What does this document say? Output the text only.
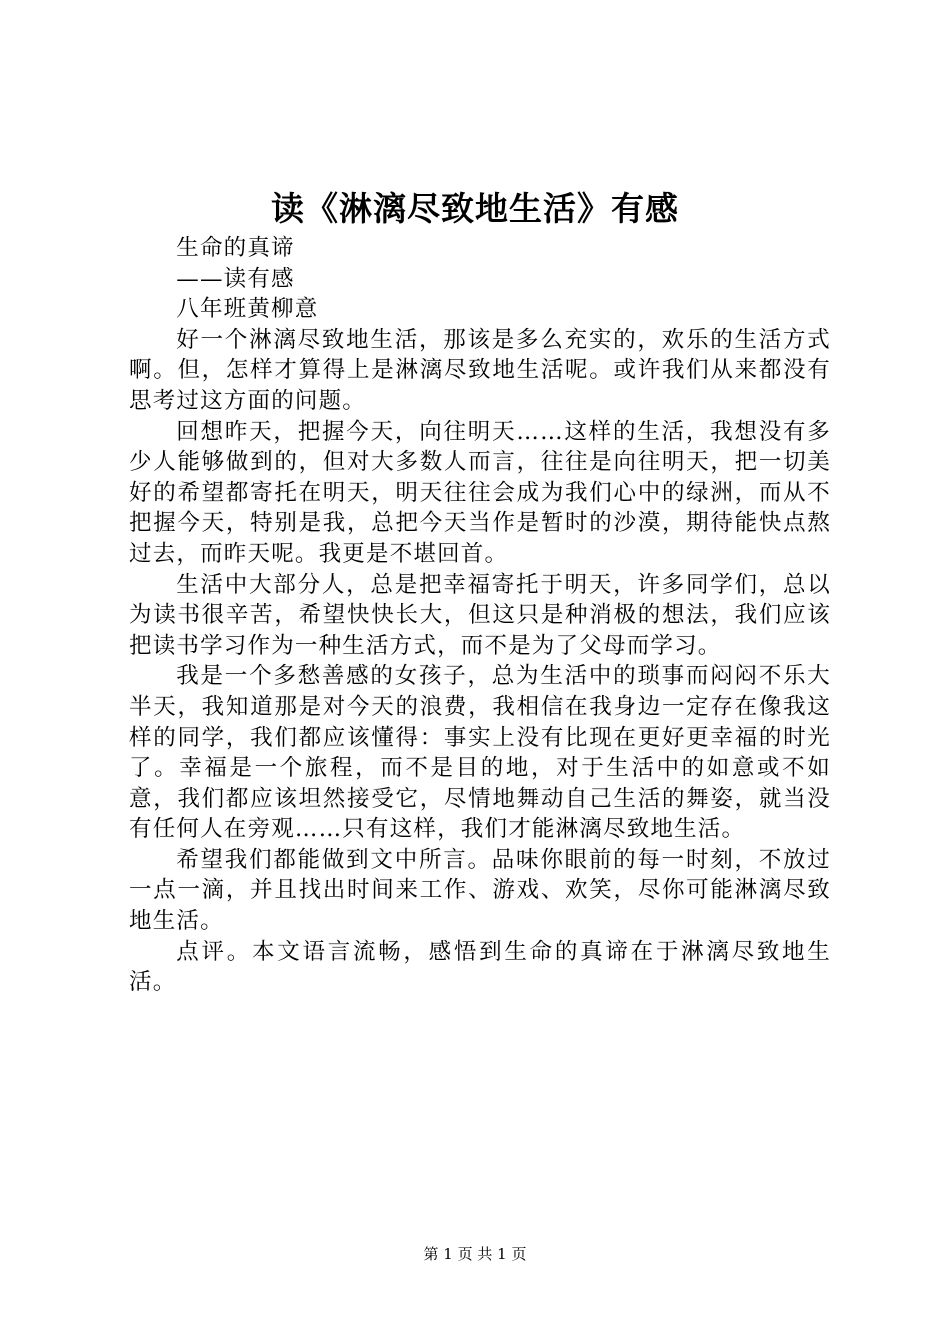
读《淋漓尽致地生活》有感

生命的真谛

——读有感

八年班黄柳意

好一个淋漓尽致地生活，那该是多么充实的，欢乐的生活方式啊。但，怎样才算得上是淋漓尽致地生活呢。或许我们从来都没有思考过这方面的问题。

回想昨天，把握今天，向往明天……这样的生活，我想没有多少人能够做到的，但对大多数人而言，往往是向往明天，把一切美好的希望都寄托在明天，明天往往会成为我们心中的绿洲，而从不把握今天，特别是我，总把今天当作是暂时的沙漠，期待能快点熬过去，而昨天呢。我更是不堪回首。

生活中大部分人，总是把幸福寄托于明天，许多同学们，总以为读书很辛苦，希望快快长大，但这只是种消极的想法，我们应该把读书学习作为一种生活方式，而不是为了父母而学习。

我是一个多愁善感的女孩子，总为生活中的琐事而闷闷不乐大半天，我知道那是对今天的浪费，我相信在我身边一定存在像我这样的同学，我们都应该懂得：事实上没有比现在更好更幸福的时光了。幸福是一个旅程，而不是目的地，对于生活中的如意或不如意，我们都应该坦然接受它，尽情地舞动自己生活的舞姿，就当没有任何人在旁观……只有这样，我们才能淋漓尽致地生活。

希望我们都能做到文中所言。品味你眼前的每一时刻，不放过一点一滴，并且找出时间来工作、游戏、欢笑，尽你可能淋漓尽致地生活。

点评。本文语言流畅，感悟到生命的真谛在于淋漓尽致地生活。

第 1 页 共 1 页
